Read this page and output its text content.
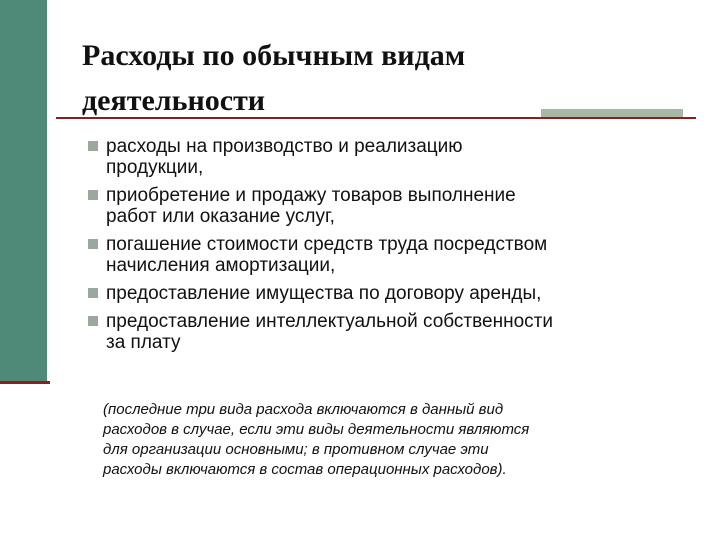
Расходы по обычным видам
деятельности
расходы на производство и реализацию
продукции,
приобретение и продажу товаров выполнение
работ или оказание услуг,
погашение стоимости средств труда посредством
начисления амортизации,
предоставление имущества по договору аренды,
предоставление интеллектуальной собственности
за плату
(последние три вида расхода включаются в данный вид
расходов в случае, если эти виды деятельности являются
для организации основными; в противном случае эти
расходы включаются в состав операционных расходов).
